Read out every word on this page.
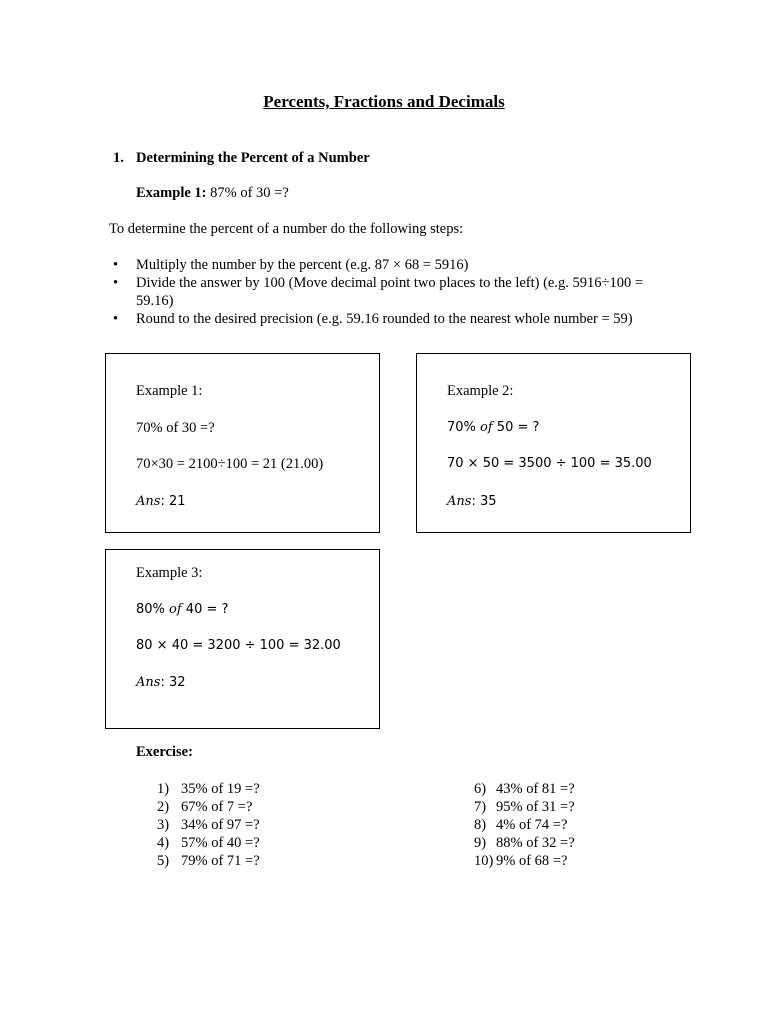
Percents, Fractions and Decimals
1. Determining the Percent of a Number
Example 1: 87% of 30 =?
To determine the percent of a number do the following steps:
• Multiply the number by the percent (e.g. 87 × 68 = 5916)
• Divide the answer by 100 (Move decimal point two places to the left) (e.g. 5916÷100 =
59.16)
• Round to the desired precision (e.g. 59.16 rounded to the nearest whole number = 59)
Example 1:
70% of 30 =?
70×30 = 2100÷100 = 21 (21.00)
Ans: 21
Example 2:
70% of 50 = ?
70 × 50 = 3500 ÷ 100 = 35.00
Ans: 35
Example 3:
80% of 40 = ?
80 × 40 = 3200 ÷ 100 = 32.00
Ans: 32
Exercise:
1) 35% of 19 =?
2) 67% of 7 =?
3) 34% of 97 =?
4) 57% of 40 =?
5) 79% of 71 =?
6) 43% of 81 =?
7) 95% of 31 =?
8) 4% of 74 =?
9) 88% of 32 =?
10) 9% of 68 =?
